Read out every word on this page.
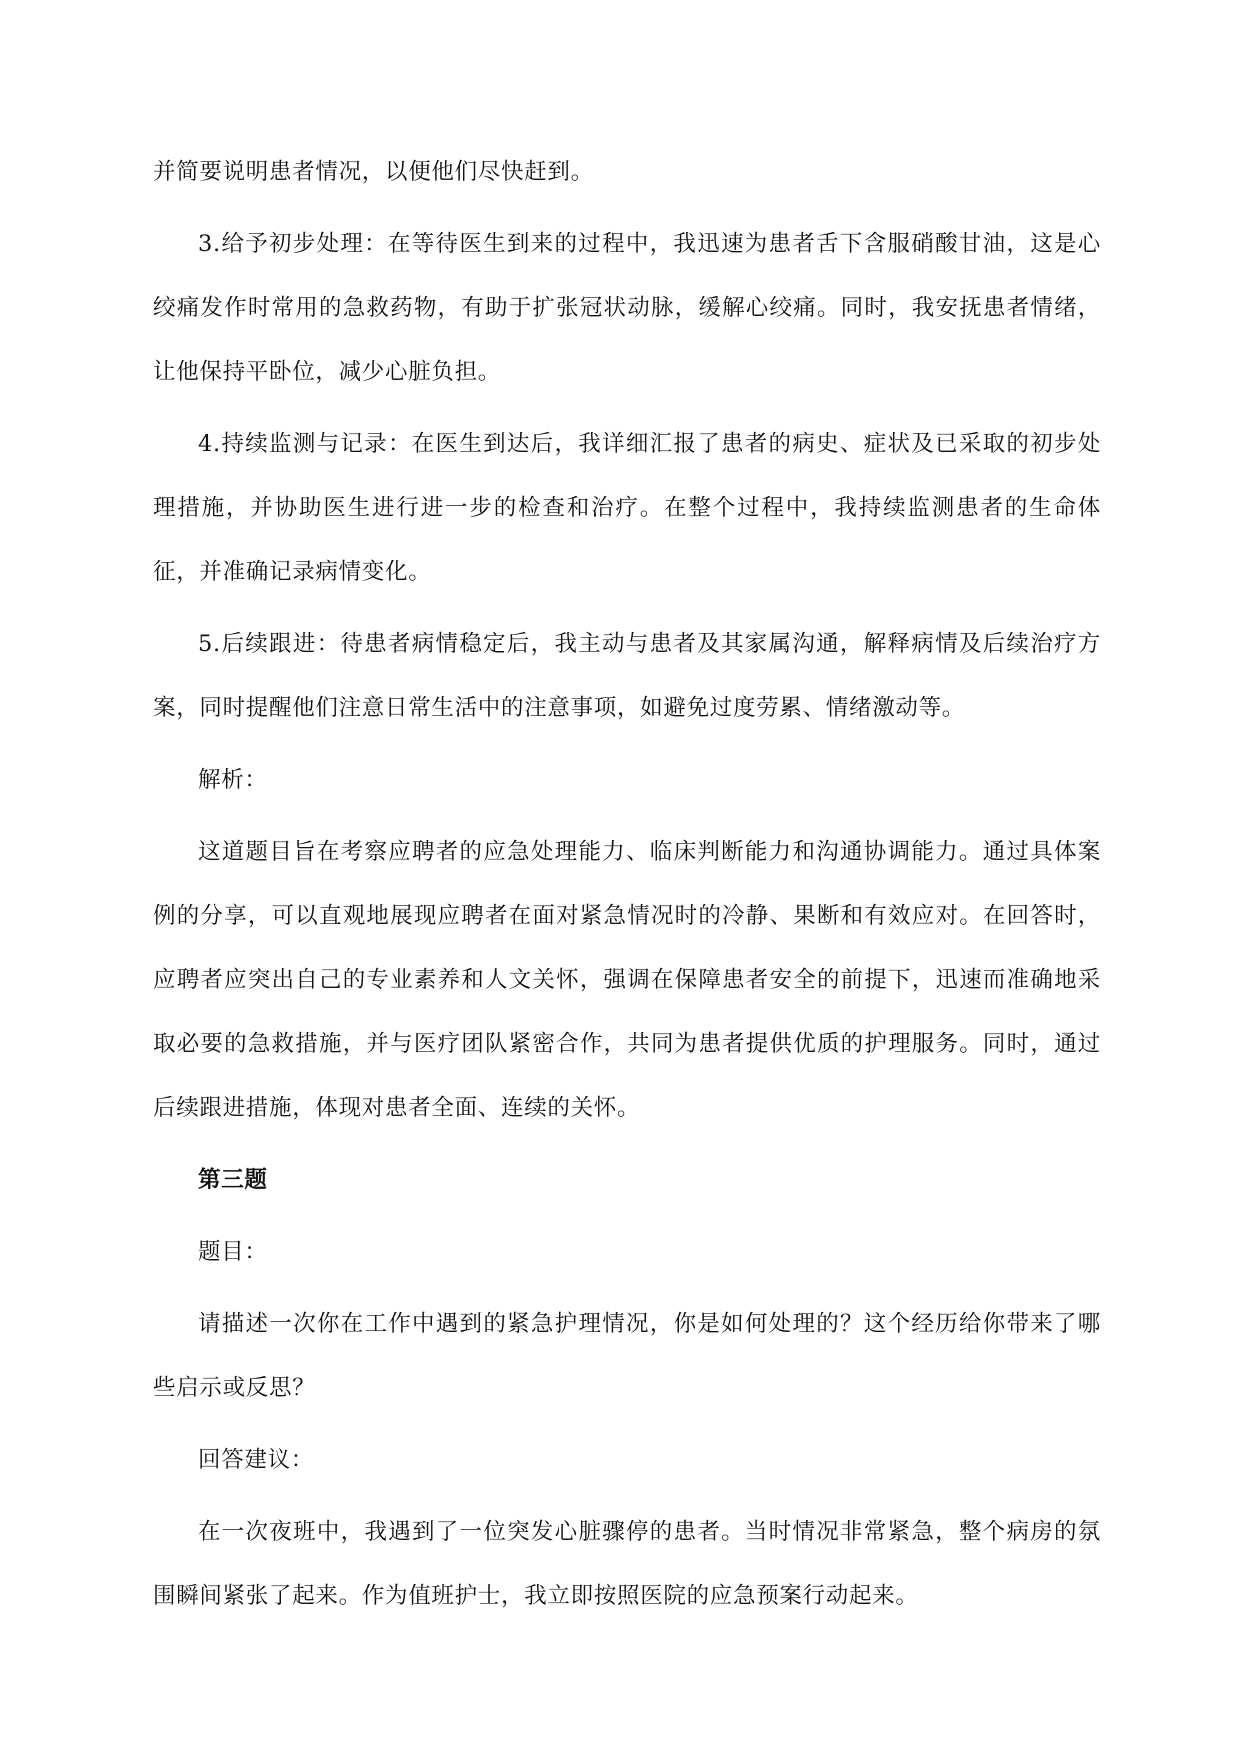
并简要说明患者情况，以便他们尽快赶到。

3.给予初步处理：在等待医生到来的过程中，我迅速为患者舌下含服硝酸甘油，这是心绞痛发作时常用的急救药物，有助于扩张冠状动脉，缓解心绞痛。同时，我安抚患者情绪，让他保持平卧位，减少心脏负担。

4.持续监测与记录：在医生到达后，我详细汇报了患者的病史、症状及已采取的初步处理措施，并协助医生进行进一步的检查和治疗。在整个过程中，我持续监测患者的生命体征，并准确记录病情变化。

5.后续跟进：待患者病情稳定后，我主动与患者及其家属沟通，解释病情及后续治疗方案，同时提醒他们注意日常生活中的注意事项，如避免过度劳累、情绪激动等。

解析：

这道题目旨在考察应聘者的应急处理能力、临床判断能力和沟通协调能力。通过具体案例的分享，可以直观地展现应聘者在面对紧急情况时的冷静、果断和有效应对。在回答时，应聘者应突出自己的专业素养和人文关怀，强调在保障患者安全的前提下，迅速而准确地采取必要的急救措施，并与医疗团队紧密合作，共同为患者提供优质的护理服务。同时，通过后续跟进措施，体现对患者全面、连续的关怀。

第三题

题目：

请描述一次你在工作中遇到的紧急护理情况，你是如何处理的？这个经历给你带来了哪些启示或反思？

回答建议：

在一次夜班中，我遇到了一位突发心脏骤停的患者。当时情况非常紧急，整个病房的氛围瞬间紧张了起来。作为值班护士，我立即按照医院的应急预案行动起来。
